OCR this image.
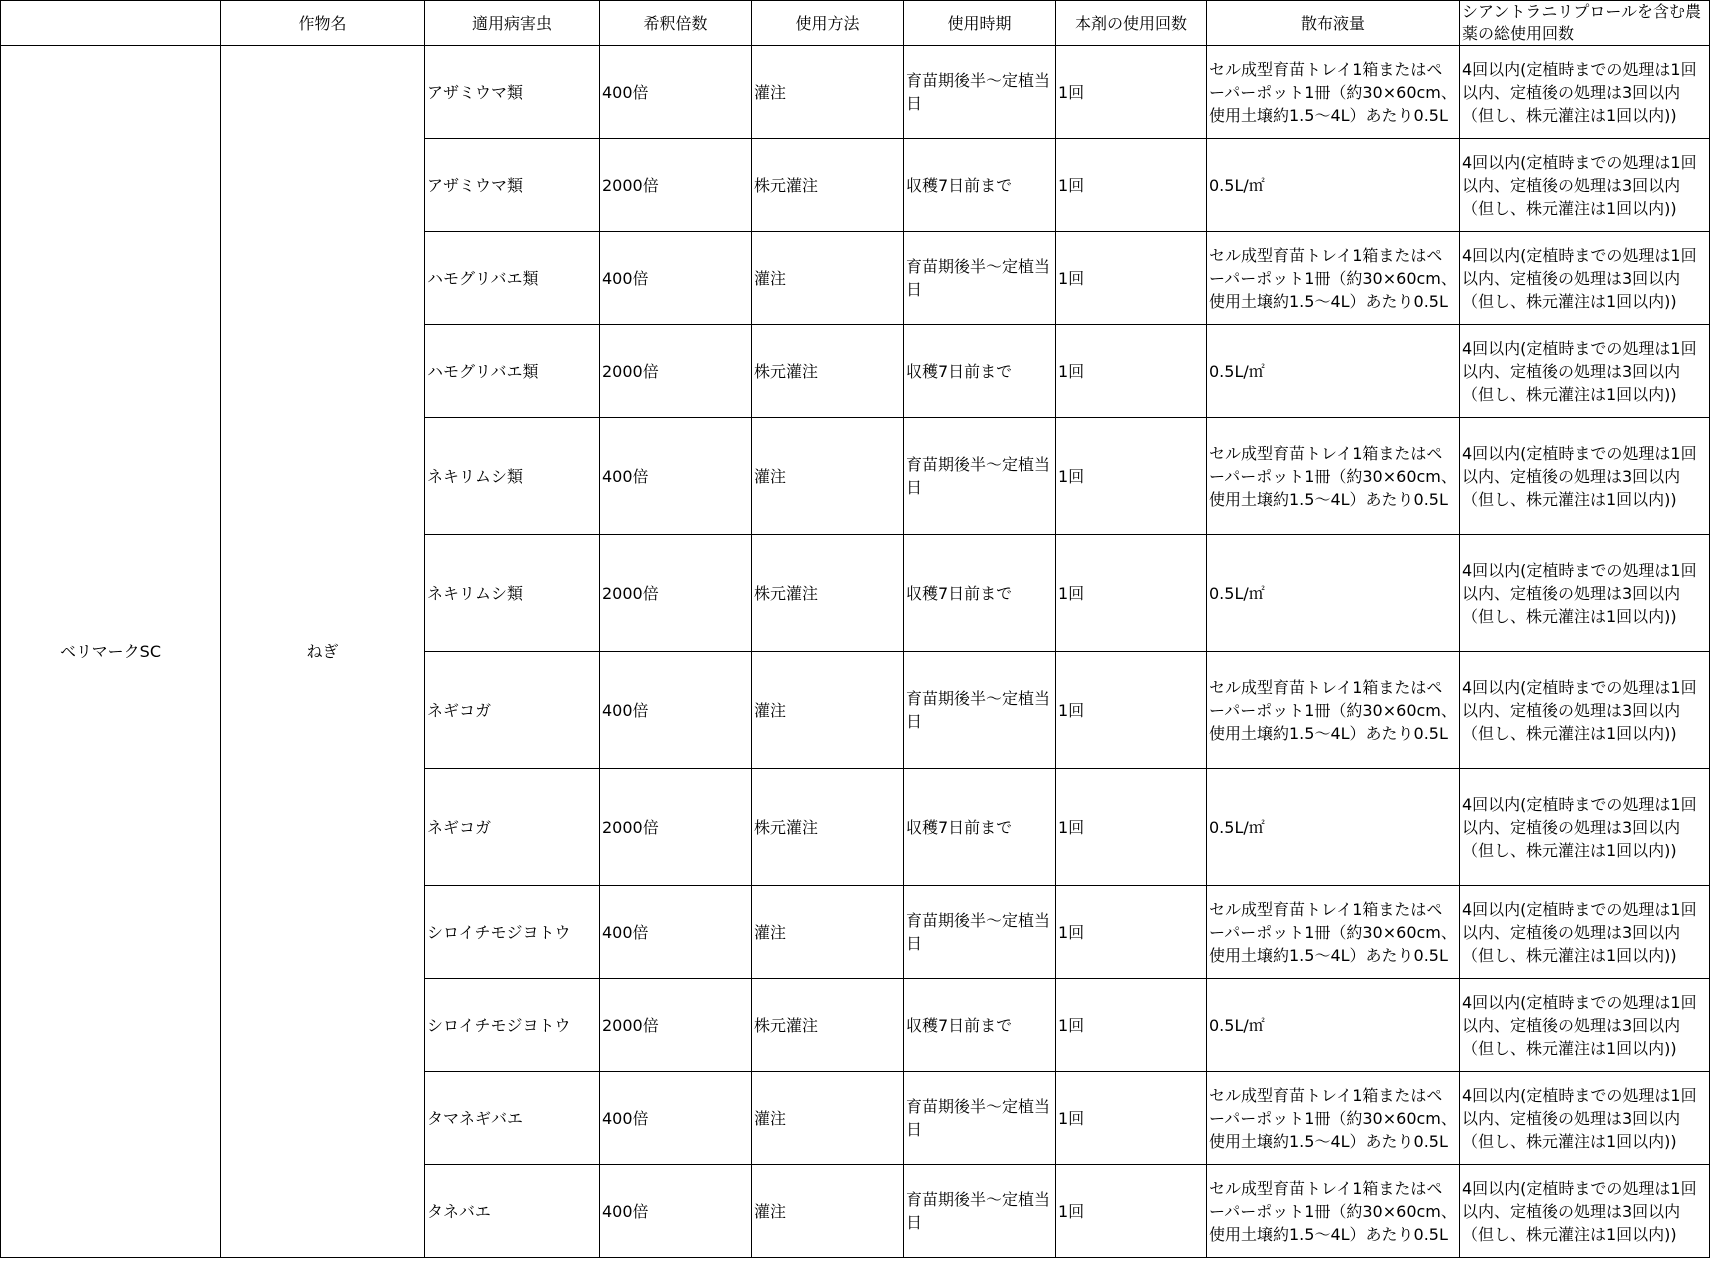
	作物名	適用病害虫	希釈倍数	使用方法	使用時期	本剤の使用回数	散布液量	シアントラニリプロールを含む農薬の総使用回数
ベリマークSC	ねぎ	アザミウマ類	400倍	灌注	育苗期後半～定植当日	1回	セル成型育苗トレイ1箱またはペーパーポット1冊（約30×60cm、使用土壌約1.5～4L）あたり0.5L	4回以内(定植時までの処理は1回以内、定植後の処理は3回以内（但し、株元灌注は1回以内))
		アザミウマ類	2000倍	株元灌注	収穫7日前まで	1回	0.5L/㎡	4回以内(定植時までの処理は1回以内、定植後の処理は3回以内（但し、株元灌注は1回以内))
		ハモグリバエ類	400倍	灌注	育苗期後半～定植当日	1回	セル成型育苗トレイ1箱またはペーパーポット1冊（約30×60cm、使用土壌約1.5～4L）あたり0.5L	4回以内(定植時までの処理は1回以内、定植後の処理は3回以内（但し、株元灌注は1回以内))
		ハモグリバエ類	2000倍	株元灌注	収穫7日前まで	1回	0.5L/㎡	4回以内(定植時までの処理は1回以内、定植後の処理は3回以内（但し、株元灌注は1回以内))
		ネキリムシ類	400倍	灌注	育苗期後半～定植当日	1回	セル成型育苗トレイ1箱またはペーパーポット1冊（約30×60cm、使用土壌約1.5～4L）あたり0.5L	4回以内(定植時までの処理は1回以内、定植後の処理は3回以内（但し、株元灌注は1回以内))
		ネキリムシ類	2000倍	株元灌注	収穫7日前まで	1回	0.5L/㎡	4回以内(定植時までの処理は1回以内、定植後の処理は3回以内（但し、株元灌注は1回以内))
		ネギコガ	400倍	灌注	育苗期後半～定植当日	1回	セル成型育苗トレイ1箱またはペーパーポット1冊（約30×60cm、使用土壌約1.5～4L）あたり0.5L	4回以内(定植時までの処理は1回以内、定植後の処理は3回以内（但し、株元灌注は1回以内))
		ネギコガ	2000倍	株元灌注	収穫7日前まで	1回	0.5L/㎡	4回以内(定植時までの処理は1回以内、定植後の処理は3回以内（但し、株元灌注は1回以内))
		シロイチモジヨトウ	400倍	灌注	育苗期後半～定植当日	1回	セル成型育苗トレイ1箱またはペーパーポット1冊（約30×60cm、使用土壌約1.5～4L）あたり0.5L	4回以内(定植時までの処理は1回以内、定植後の処理は3回以内（但し、株元灌注は1回以内))
		シロイチモジヨトウ	2000倍	株元灌注	収穫7日前まで	1回	0.5L/㎡	4回以内(定植時までの処理は1回以内、定植後の処理は3回以内（但し、株元灌注は1回以内))
		タマネギバエ	400倍	灌注	育苗期後半～定植当日	1回	セル成型育苗トレイ1箱またはペーパーポット1冊（約30×60cm、使用土壌約1.5～4L）あたり0.5L	4回以内(定植時までの処理は1回以内、定植後の処理は3回以内（但し、株元灌注は1回以内))
		タネバエ	400倍	灌注	育苗期後半～定植当日	1回	セル成型育苗トレイ1箱またはペーパーポット1冊（約30×60cm、使用土壌約1.5～4L）あたり0.5L	4回以内(定植時までの処理は1回以内、定植後の処理は3回以内（但し、株元灌注は1回以内))
